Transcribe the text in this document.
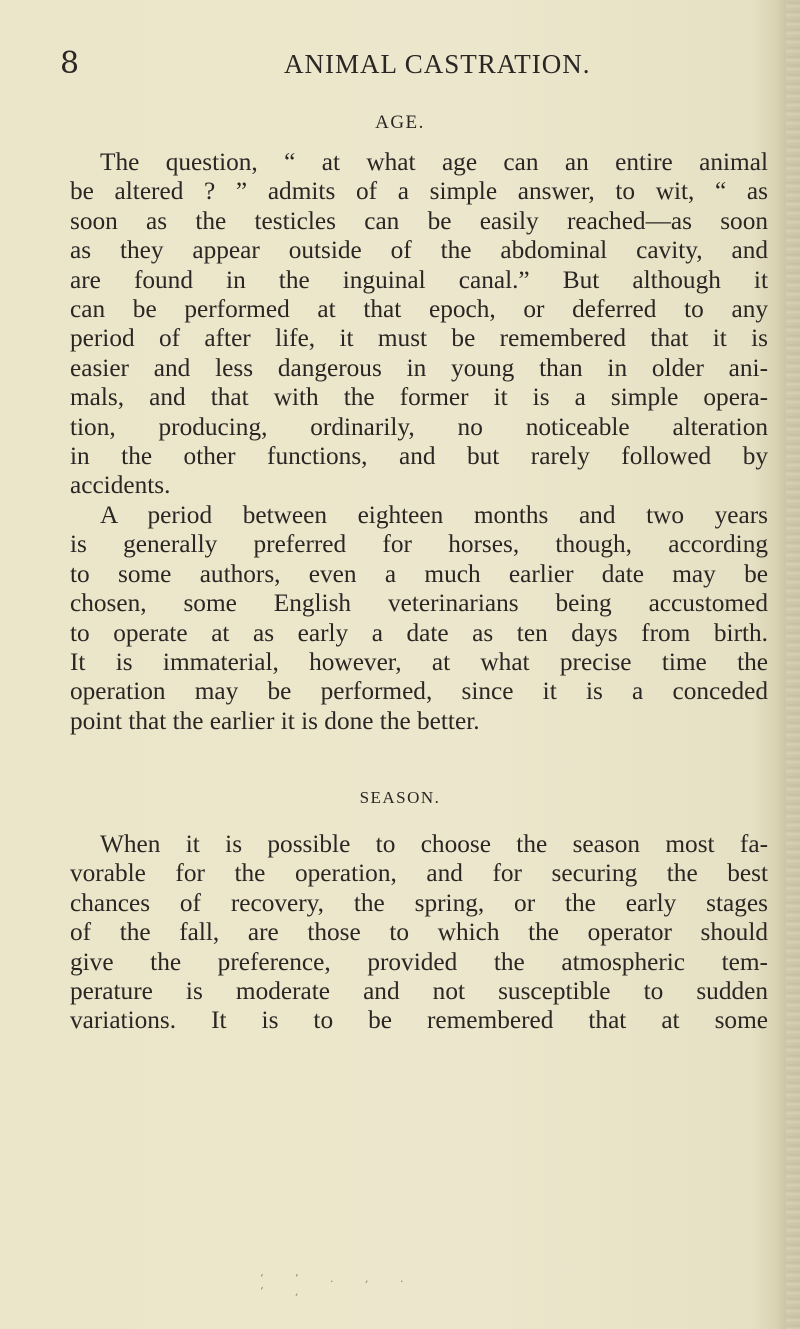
8	ANIMAL CASTRATION.
AGE.
The question, “ at what age can an entire animal
be altered ? ” admits of a simple answer, to wit, “ as
soon as the testicles can be easily reached—as soon
as they appear outside of the abdominal cavity, and
are found in the inguinal canal.” But although it
can be performed at that epoch, or deferred to any
period of after life, it must be remembered that it is
easier and less dangerous in young than in older ani-
mals, and that with the former it is a simple opera-
tion, producing, ordinarily, no noticeable alteration
in the other functions, and but rarely followed by
accidents.
A period between eighteen months and two years
is generally preferred for horses, though, according
to some authors, even a much earlier date may be
chosen, some English veterinarians being accustomed
to operate at as early a date as ten days from birth.
It is immaterial, however, at what precise time the
operation may be performed, since it is a conceded
point that the earlier it is done the better.
SEASON.
When it is possible to choose the season most fa-
vorable for the operation, and for securing the best
chances of recovery, the spring, or the early stages
of the fall, are those to which the operator should
give the preference, provided the atmospheric tem-
perature is moderate and not susceptible to sudden
variations. It is to be remembered that at some
‘ ’ . , . ‘ ,
